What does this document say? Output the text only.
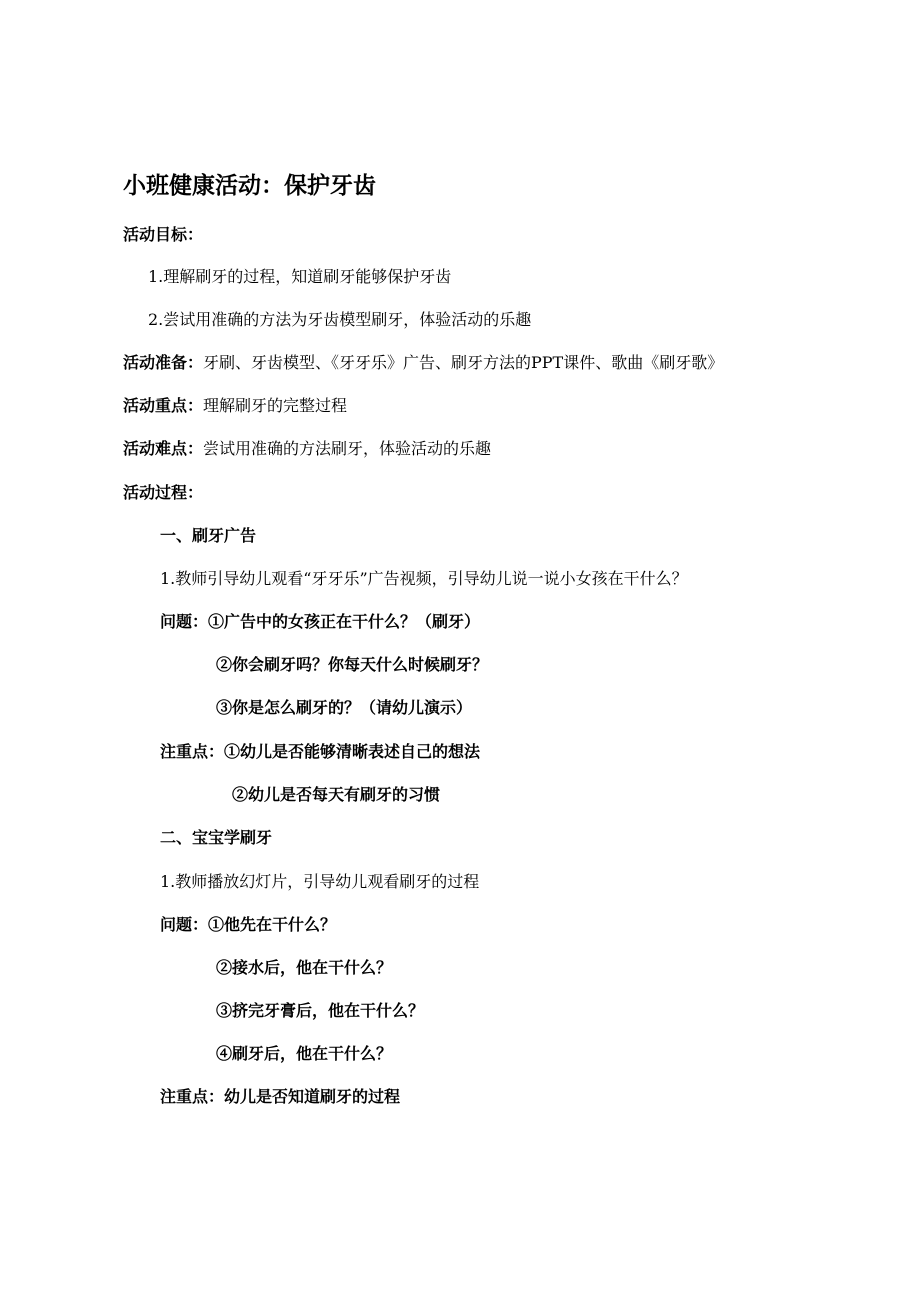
小班健康活动：保护牙齿
活动目标：
1.理解刷牙的过程，知道刷牙能够保护牙齿
2.尝试用准确的方法为牙齿模型刷牙，体验活动的乐趣
活动准备：牙刷、牙齿模型、《牙牙乐》广告、刷牙方法的PPT课件、歌曲《刷牙歌》
活动重点：理解刷牙的完整过程
活动难点：尝试用准确的方法刷牙，体验活动的乐趣
活动过程：
一、刷牙广告
1.教师引导幼儿观看“牙牙乐”广告视频，引导幼儿说一说小女孩在干什么？
问题：①广告中的女孩正在干什么？（刷牙）
②你会刷牙吗？你每天什么时候刷牙？
③你是怎么刷牙的？（请幼儿演示）
注重点：①幼儿是否能够清晰表述自己的想法
②幼儿是否每天有刷牙的习惯
二、宝宝学刷牙
1.教师播放幻灯片，引导幼儿观看刷牙的过程
问题：①他先在干什么？
②接水后，他在干什么？
③挤完牙膏后，他在干什么？
④刷牙后，他在干什么？
注重点：幼儿是否知道刷牙的过程
